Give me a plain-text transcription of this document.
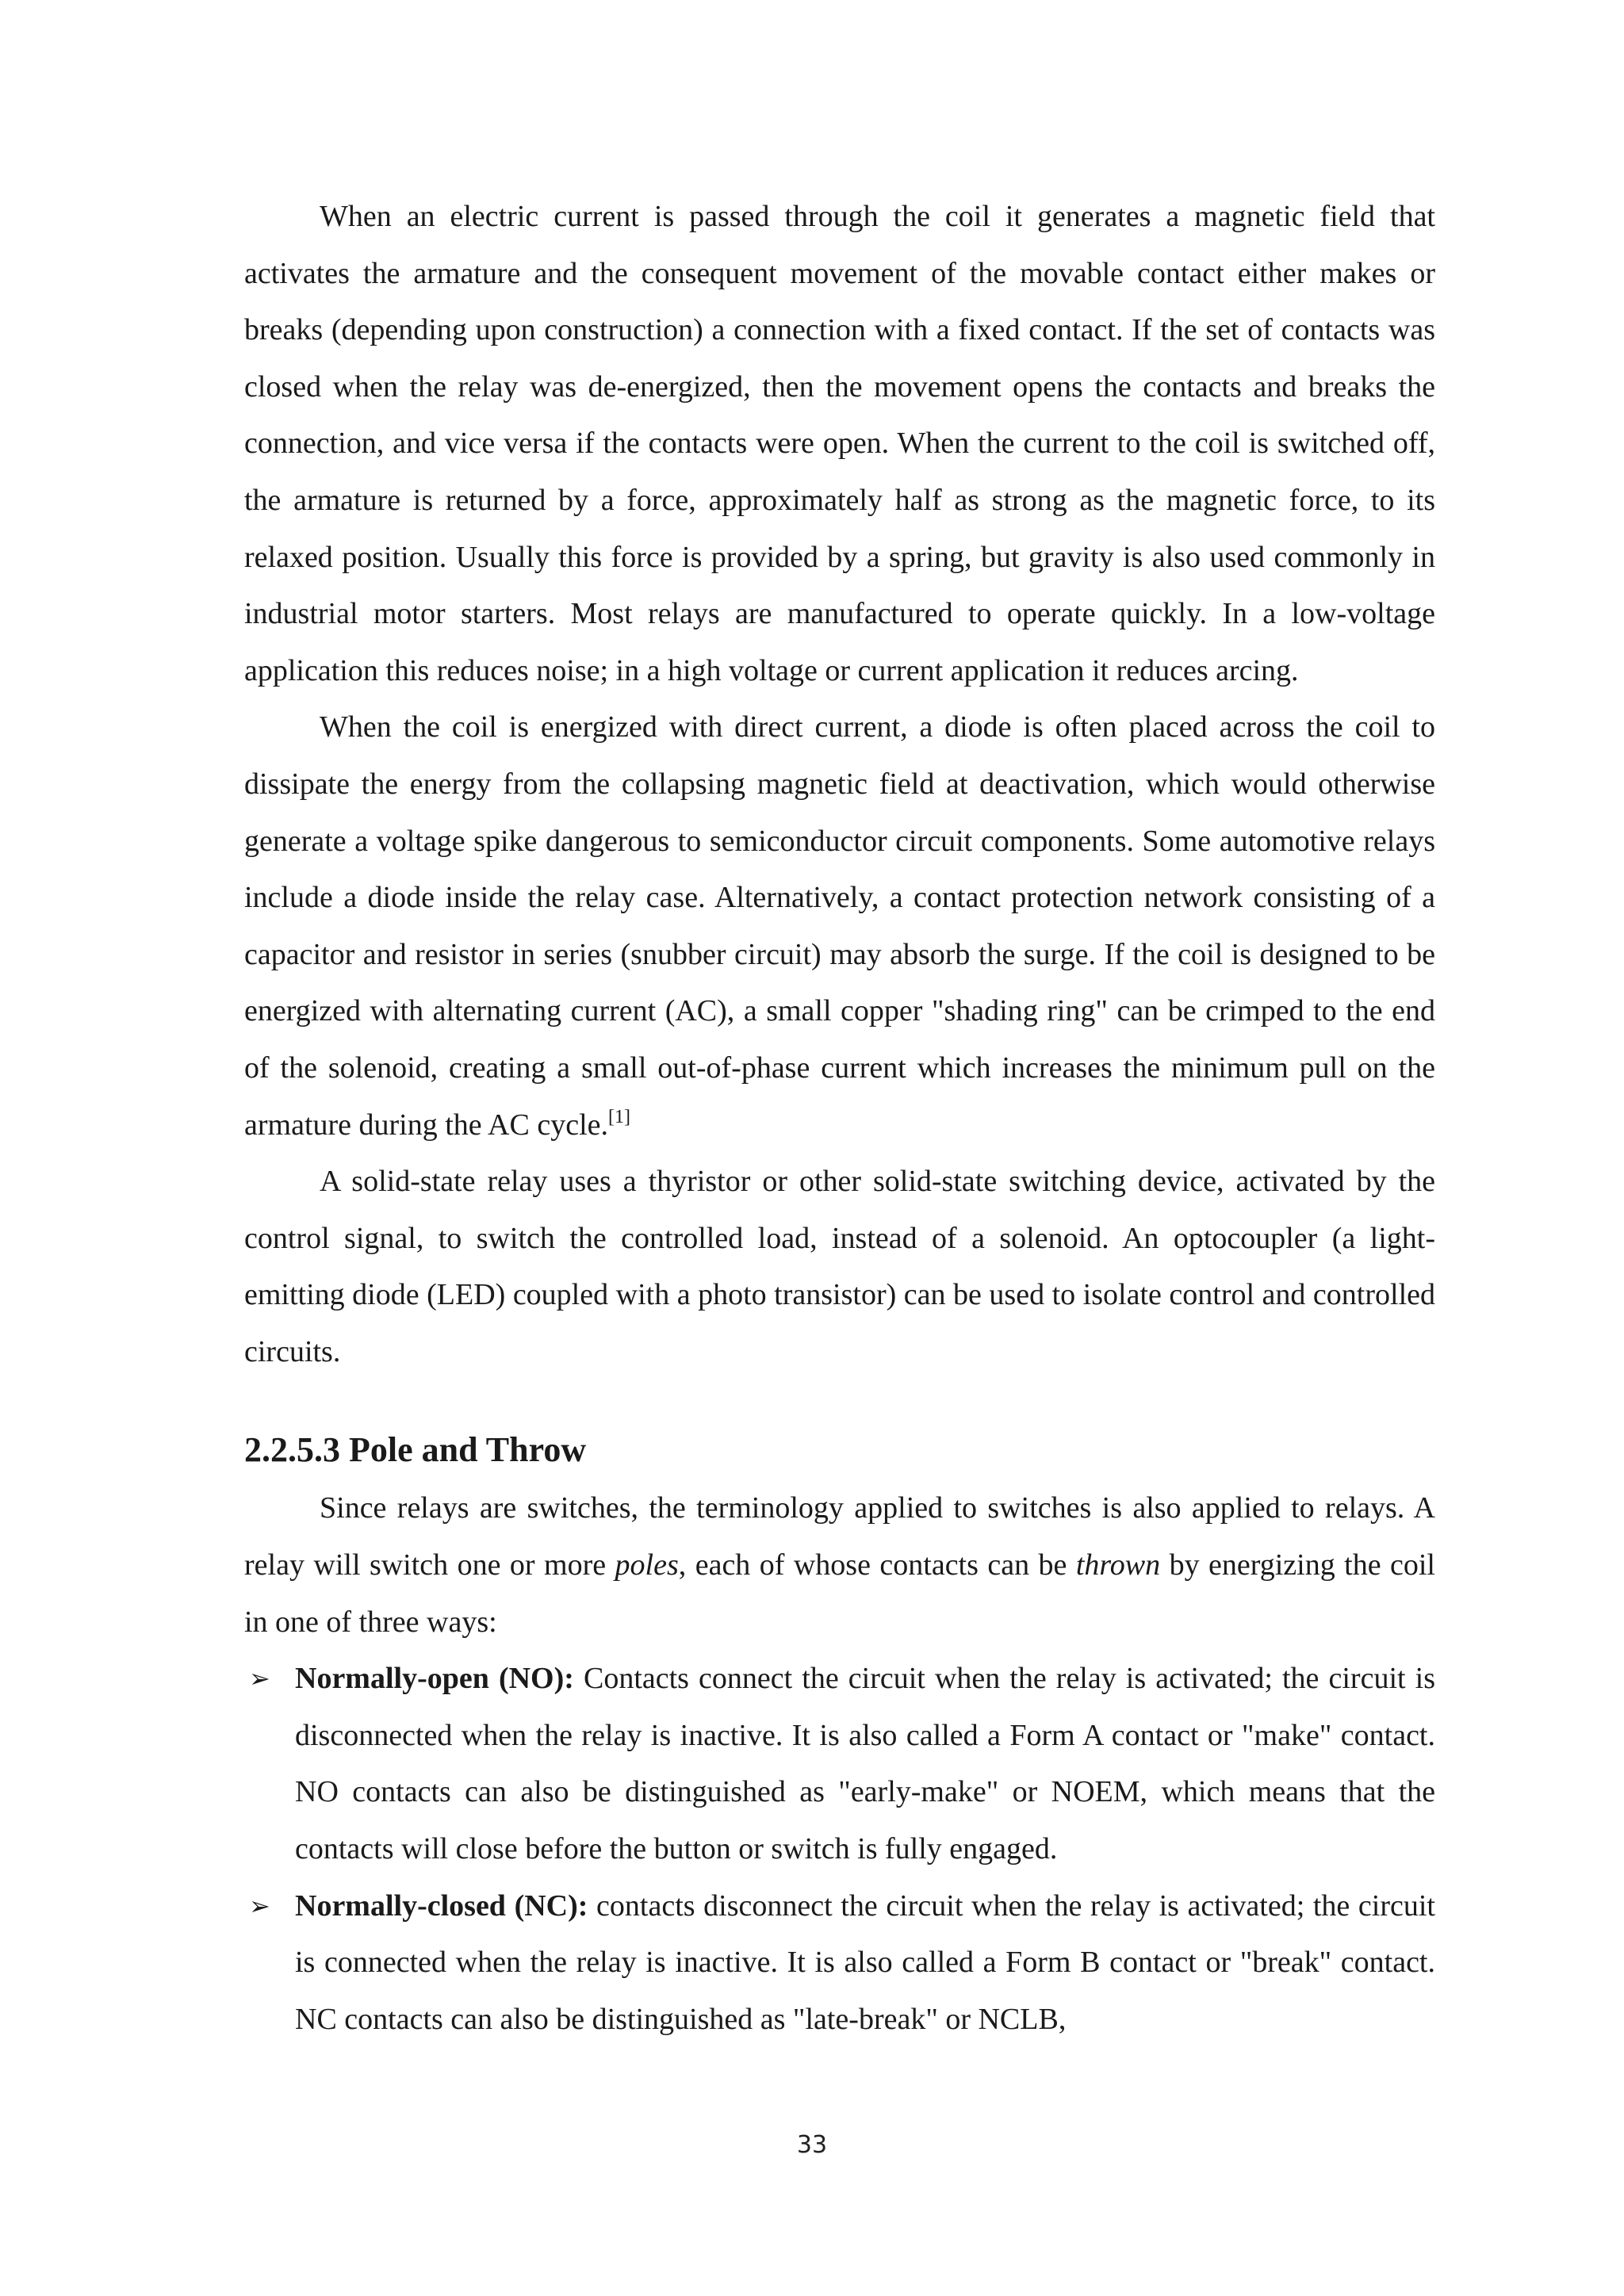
When an electric current is passed through the coil it generates a magnetic field that activates the armature and the consequent movement of the movable contact either makes or breaks (depending upon construction) a connection with a fixed contact. If the set of contacts was closed when the relay was de-energized, then the movement opens the contacts and breaks the connection, and vice versa if the contacts were open. When the current to the coil is switched off, the armature is returned by a force, approximately half as strong as the magnetic force, to its relaxed position. Usually this force is provided by a spring, but gravity is also used commonly in industrial motor starters. Most relays are manufactured to operate quickly. In a low-voltage application this reduces noise; in a high voltage or current application it reduces arcing.

When the coil is energized with direct current, a diode is often placed across the coil to dissipate the energy from the collapsing magnetic field at deactivation, which would otherwise generate a voltage spike dangerous to semiconductor circuit components. Some automotive relays include a diode inside the relay case. Alternatively, a contact protection network consisting of a capacitor and resistor in series (snubber circuit) may absorb the surge. If the coil is designed to be energized with alternating current (AC), a small copper "shading ring" can be crimped to the end of the solenoid, creating a small out-of-phase current which increases the minimum pull on the armature during the AC cycle.[1]

A solid-state relay uses a thyristor or other solid-state switching device, activated by the control signal, to switch the controlled load, instead of a solenoid. An optocoupler (a light-emitting diode (LED) coupled with a photo transistor) can be used to isolate control and controlled circuits.

2.2.5.3 Pole and Throw

Since relays are switches, the terminology applied to switches is also applied to relays. A relay will switch one or more poles, each of whose contacts can be thrown by energizing the coil in one of three ways:

➢ Normally-open (NO): Contacts connect the circuit when the relay is activated; the circuit is disconnected when the relay is inactive. It is also called a Form A contact or "make" contact. NO contacts can also be distinguished as "early-make" or NOEM, which means that the contacts will close before the button or switch is fully engaged.
➢ Normally-closed (NC): contacts disconnect the circuit when the relay is activated; the circuit is connected when the relay is inactive. It is also called a Form B contact or "break" contact. NC contacts can also be distinguished as "late-break" or NCLB,
33
